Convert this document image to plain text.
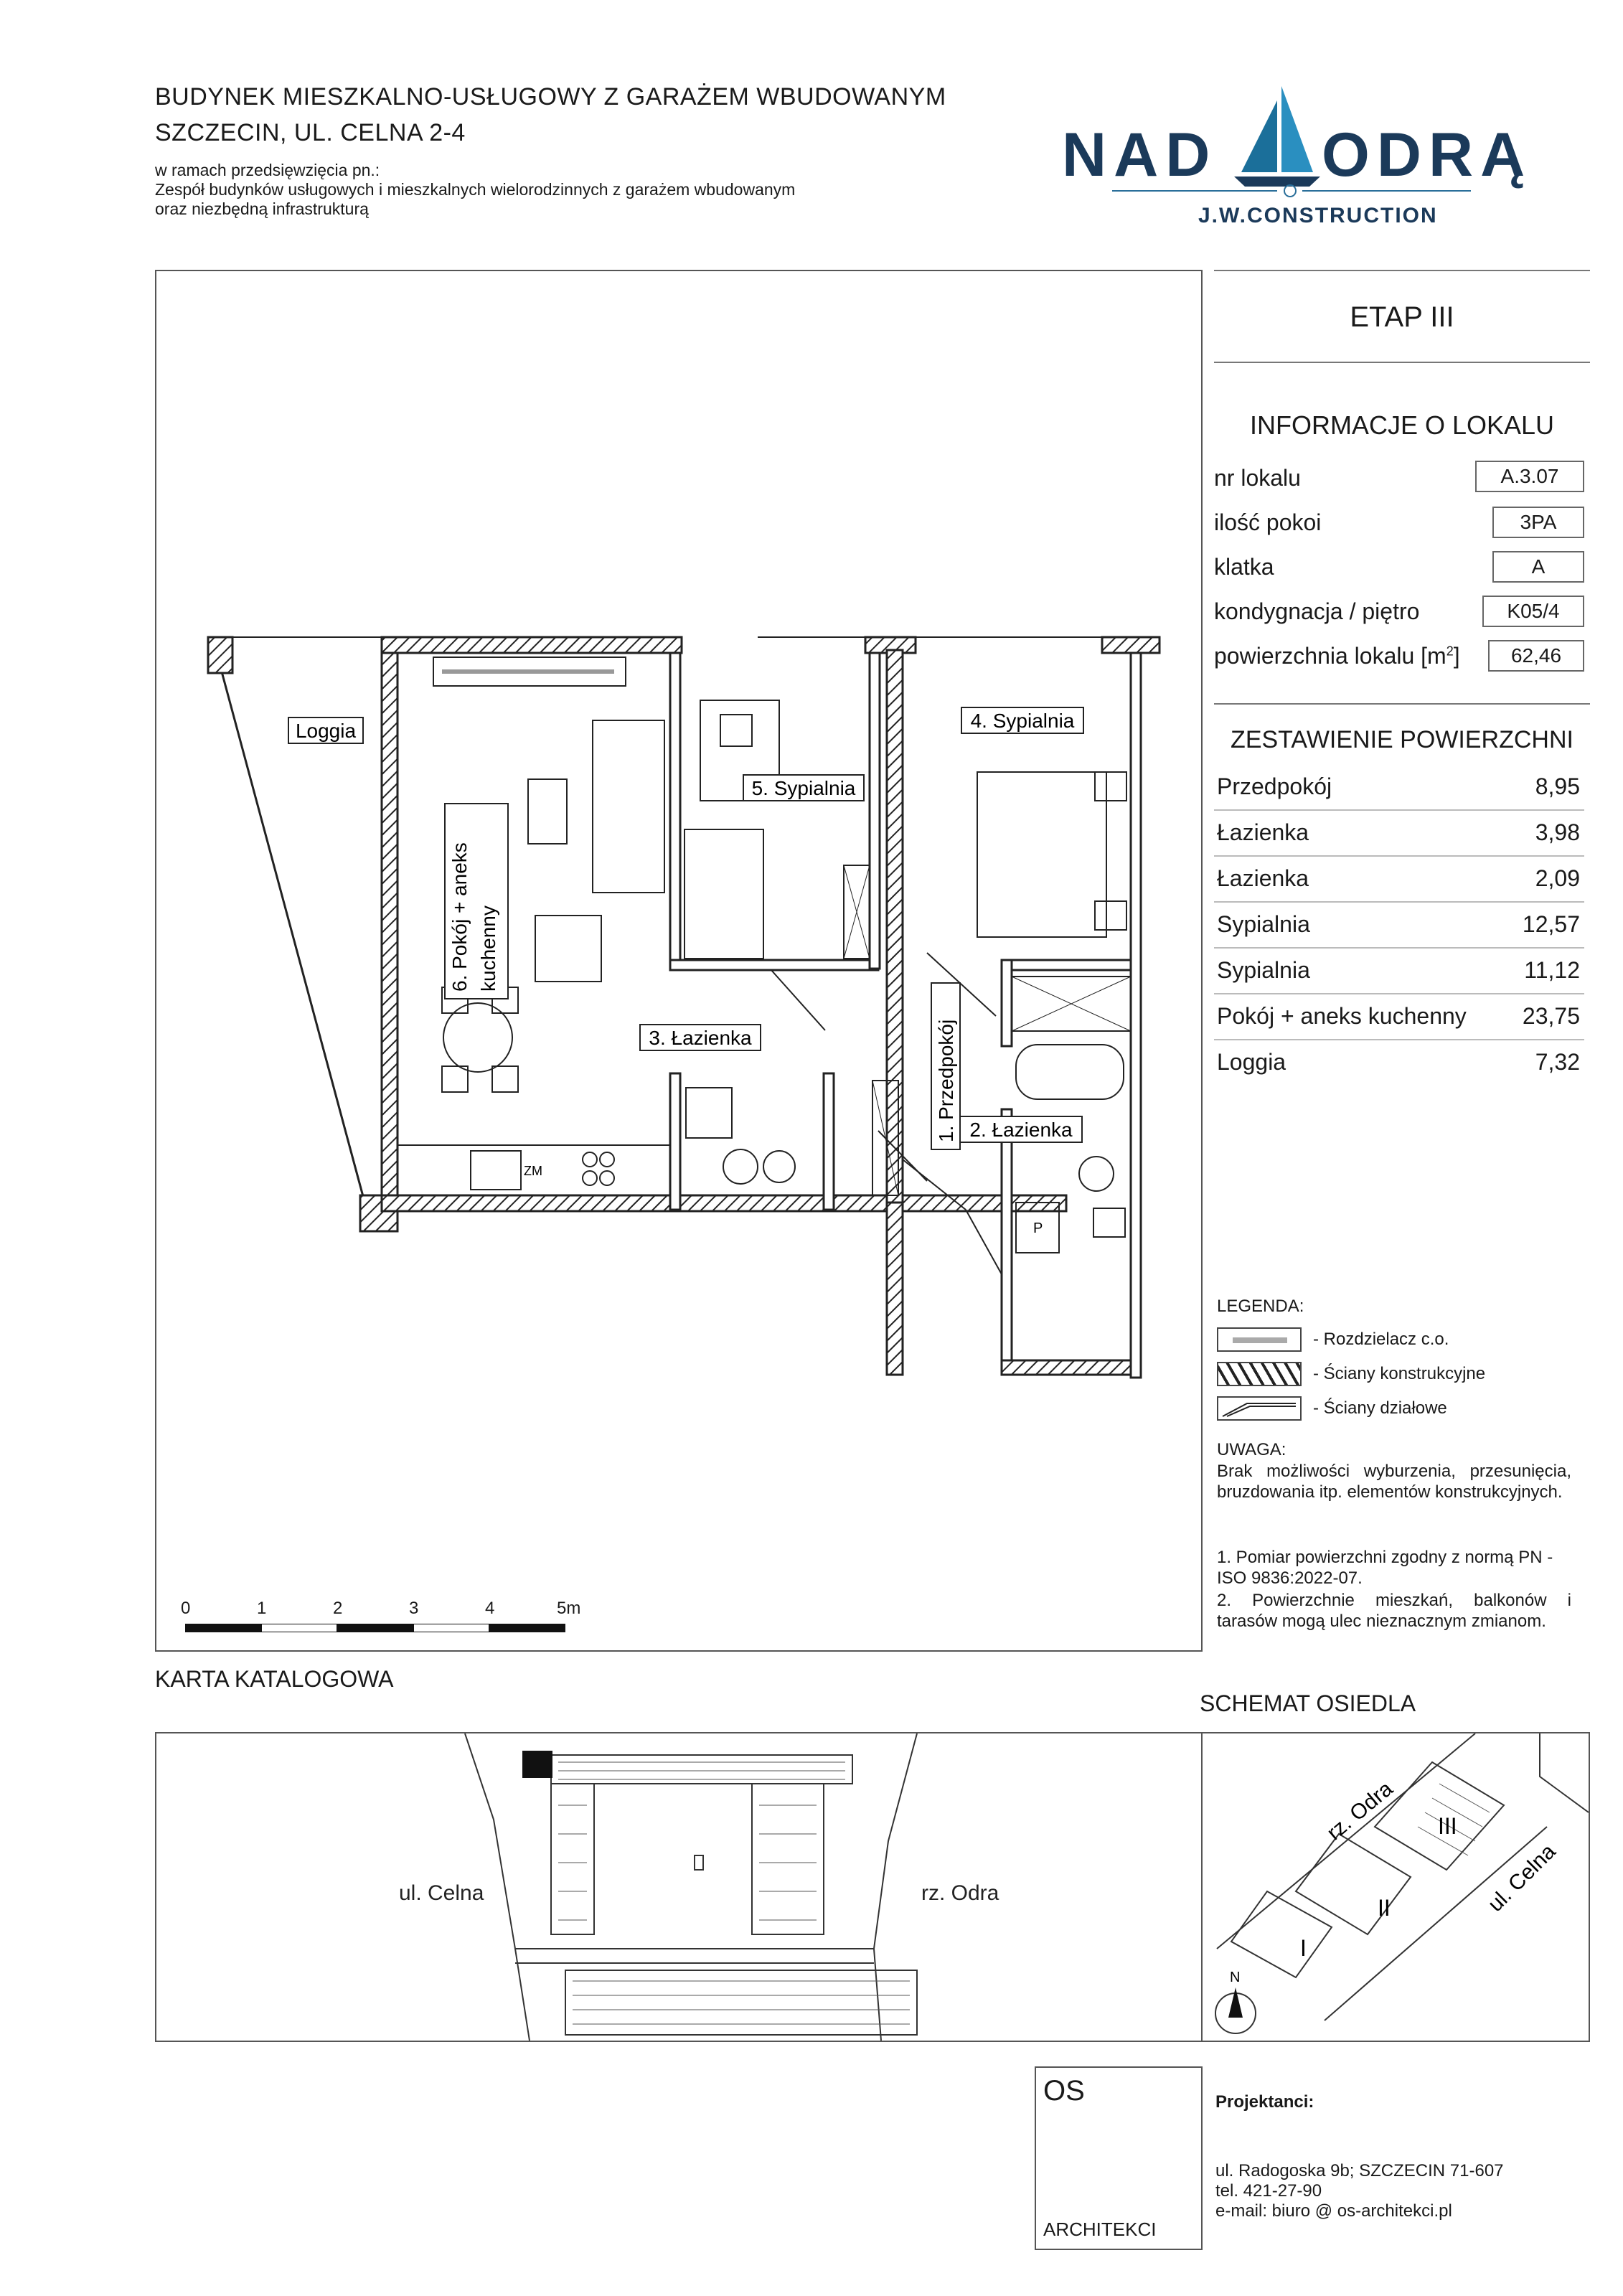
BUDYNEK MIESZKALNO-USŁUGOWY Z GARAŻEM WBUDOWANYM
SZCZECIN, UL. CELNA 2-4
w ramach przedsięwzięcia pn.:
Zespół budynków usługowych i mieszkalnych wielorodzinnych z garażem wbudowanym
oraz niezbędną infrastrukturą
NAD ODRĄ
J.W.CONSTRUCTION
Loggia
5. Sypialnia
4. Sypialnia
3. Łazienka
2. Łazienka
6. Pokój + aneks kuchenny
1. Przedpokój
ZM
P
0	1	2	3	4	5m
ETAP III
INFORMACJE O LOKALU
nr lokalu	A.3.07
ilość pokoi	3PA
klatka	A
kondygnacja / piętro	K05/4
powierzchnia lokalu $[m^2]$	62,46
ZESTAWIENIE POWIERZCHNI
Przedpokój	8,95
Łazienka	3,98
Łazienka	2,09
Sypialnia	12,57
Sypialnia	11,12
Pokój + aneks kuchenny 23,75
Loggia	7,32
LEGENDA:
- Rozdzielacz c.o.
- Ściany konstrukcyjne
- Ściany działowe
UWAGA:
Brak możliwości wyburzenia, przesunięcia, bruzdowania itp. elementów konstrukcyjnych.
1. Pomiar powierzchni zgodny z normą PN - ISO 9836:2022-07.
2. Powierzchnie mieszkań, balkonów i tarasów mogą ulec nieznacznym zmianom.
KARTA KATALOGOWA
SCHEMAT OSIEDLA
ul. Celna	rz. Odra
rz. Odra
ul. Celna
III
II
I
N
OS
ARCHITEKCI
Projektanci:
ul. Radogoska 9b; SZCZECIN 71-607
tel. 421-27-90
e-mail: biuro @ os-architekci.pl
